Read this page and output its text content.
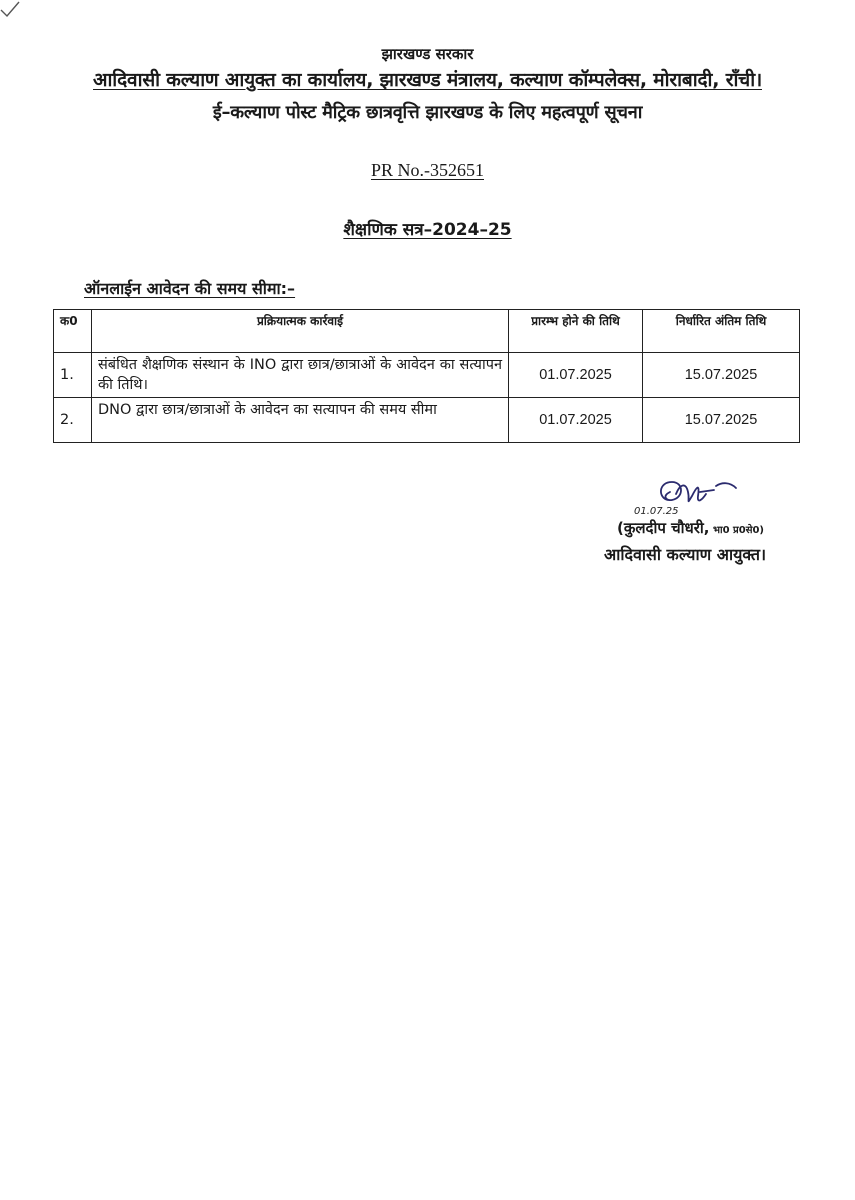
झारखण्ड सरकार
आदिवासी कल्याण आयुक्त का कार्यालय, झारखण्ड मंत्रालय, कल्याण कॉम्पलेक्स, मोराबादी, राँची।
ई–कल्याण पोस्ट मैट्रिक छात्रवृत्ति झारखण्ड के लिए महत्वपूर्ण सूचना
PR No.-352651
शैक्षणिक सत्र–2024–25
ऑनलाईन आवेदन की समय सीमा:–
क0	प्रक्रियात्मक कार्रवाई	प्रारम्भ होने की तिथि	निर्धारित अंतिम तिथि
1.	संबंधित शैक्षणिक संस्थान के INO द्वारा छात्र/छात्राओं के आवेदन का सत्यापन की तिथि।	01.07.2025	15.07.2025
2.	DNO द्वारा छात्र/छात्राओं के आवेदन का सत्यापन की समय सीमा	01.07.2025	15.07.2025
01.07.25
(कुलदीप चौधरी, भा0 प्र0से0)
आदिवासी कल्याण आयुक्त।
